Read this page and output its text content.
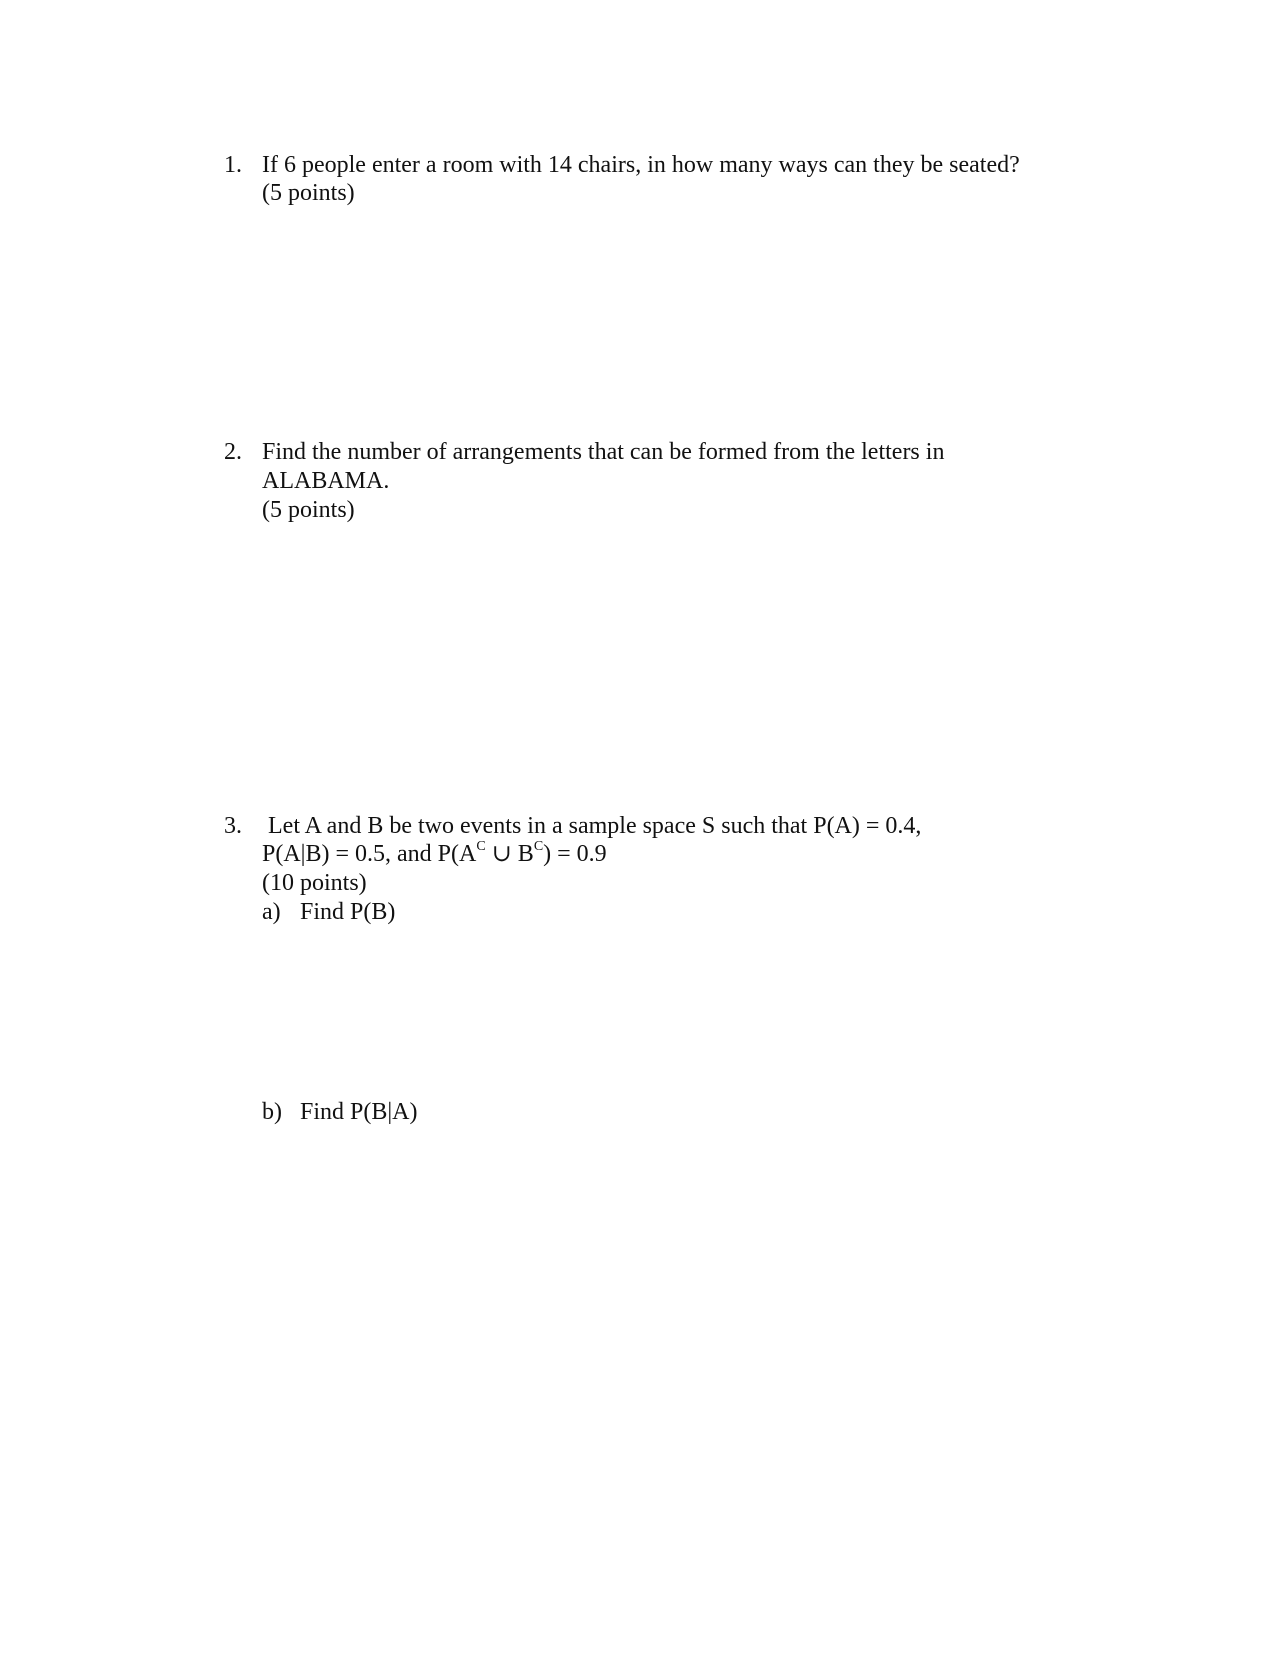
1. If 6 people enter a room with 14 chairs, in how many ways can they be seated?
(5 points)
2. Find the number of arrangements that can be formed from the letters in
ALABAMA.
(5 points)
3. Let A and B be two events in a sample space S such that P(A) = 0.4,
P(A|B) = 0.5, and $P(A^C$ ∪ $B^C) = 0.9$
(10 points)
a) Find P(B)
b) Find P(B|A)
